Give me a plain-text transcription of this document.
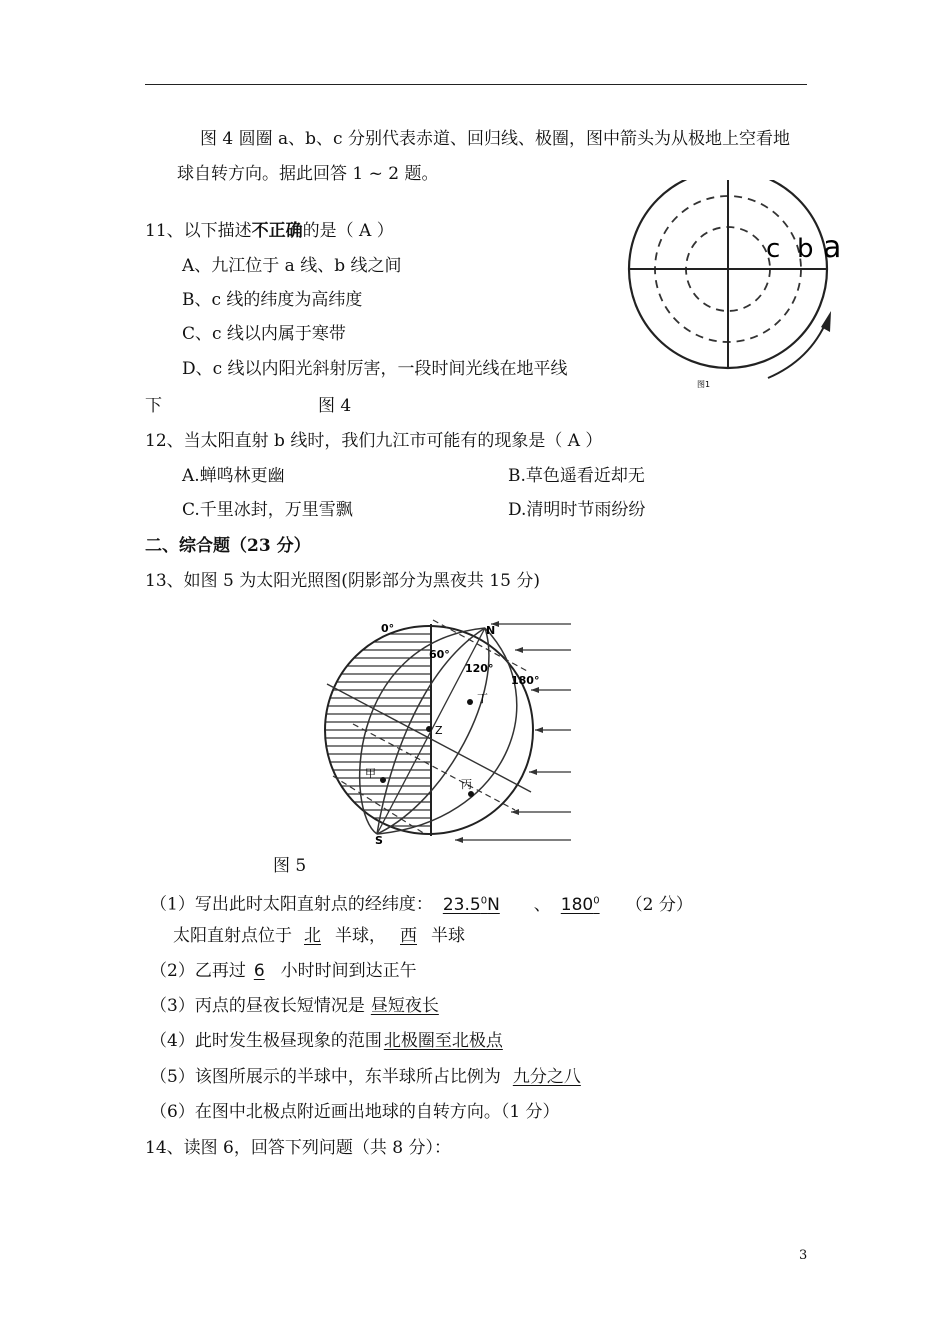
图 4 圆圈 a、b、c 分别代表赤道、回归线、极圈，图中箭头为从极地上空看地
球自转方向。据此回答 1 ~ 2 题。
11、以下描述不正确的是（ A ）
A、九江位于 a 线、b 线之间
B、c 线的纬度为高纬度
C、c 线以内属于寒带
D、c 线以内阳光斜射厉害，一段时间光线在地平线
下	图 4
c b a
图1
12、当太阳直射 b 线时，我们九江市可能有的现象是（ A ）
A.蝉鸣林更幽	B.草色遥看近却无
C.千里冰封，万里雪飘	D.清明时节雨纷纷
二、综合题（23 分）
13、如图 5 为太阳光照图(阴影部分为黑夜共 15 分)
N
S
0°
60°
120°
180°
丁
Z
甲
丙
图 5
（1）写出此时太阳直射点的经纬度： 23.5$^0$N 、 $180^0$ （2 分）
太阳直射点位于 北 半球， 西 半球
（2）乙再过 6 小时时间到达正午
（3）丙点的昼夜长短情况是 昼短夜长
（4）此时发生极昼现象的范围 北极圈至北极点
（5）该图所展示的半球中，东半球所占比例为 九分之八
（6）在图中北极点附近画出地球的自转方向。（1 分）
14、读图 6，回答下列问题（共 8 分）：
3
